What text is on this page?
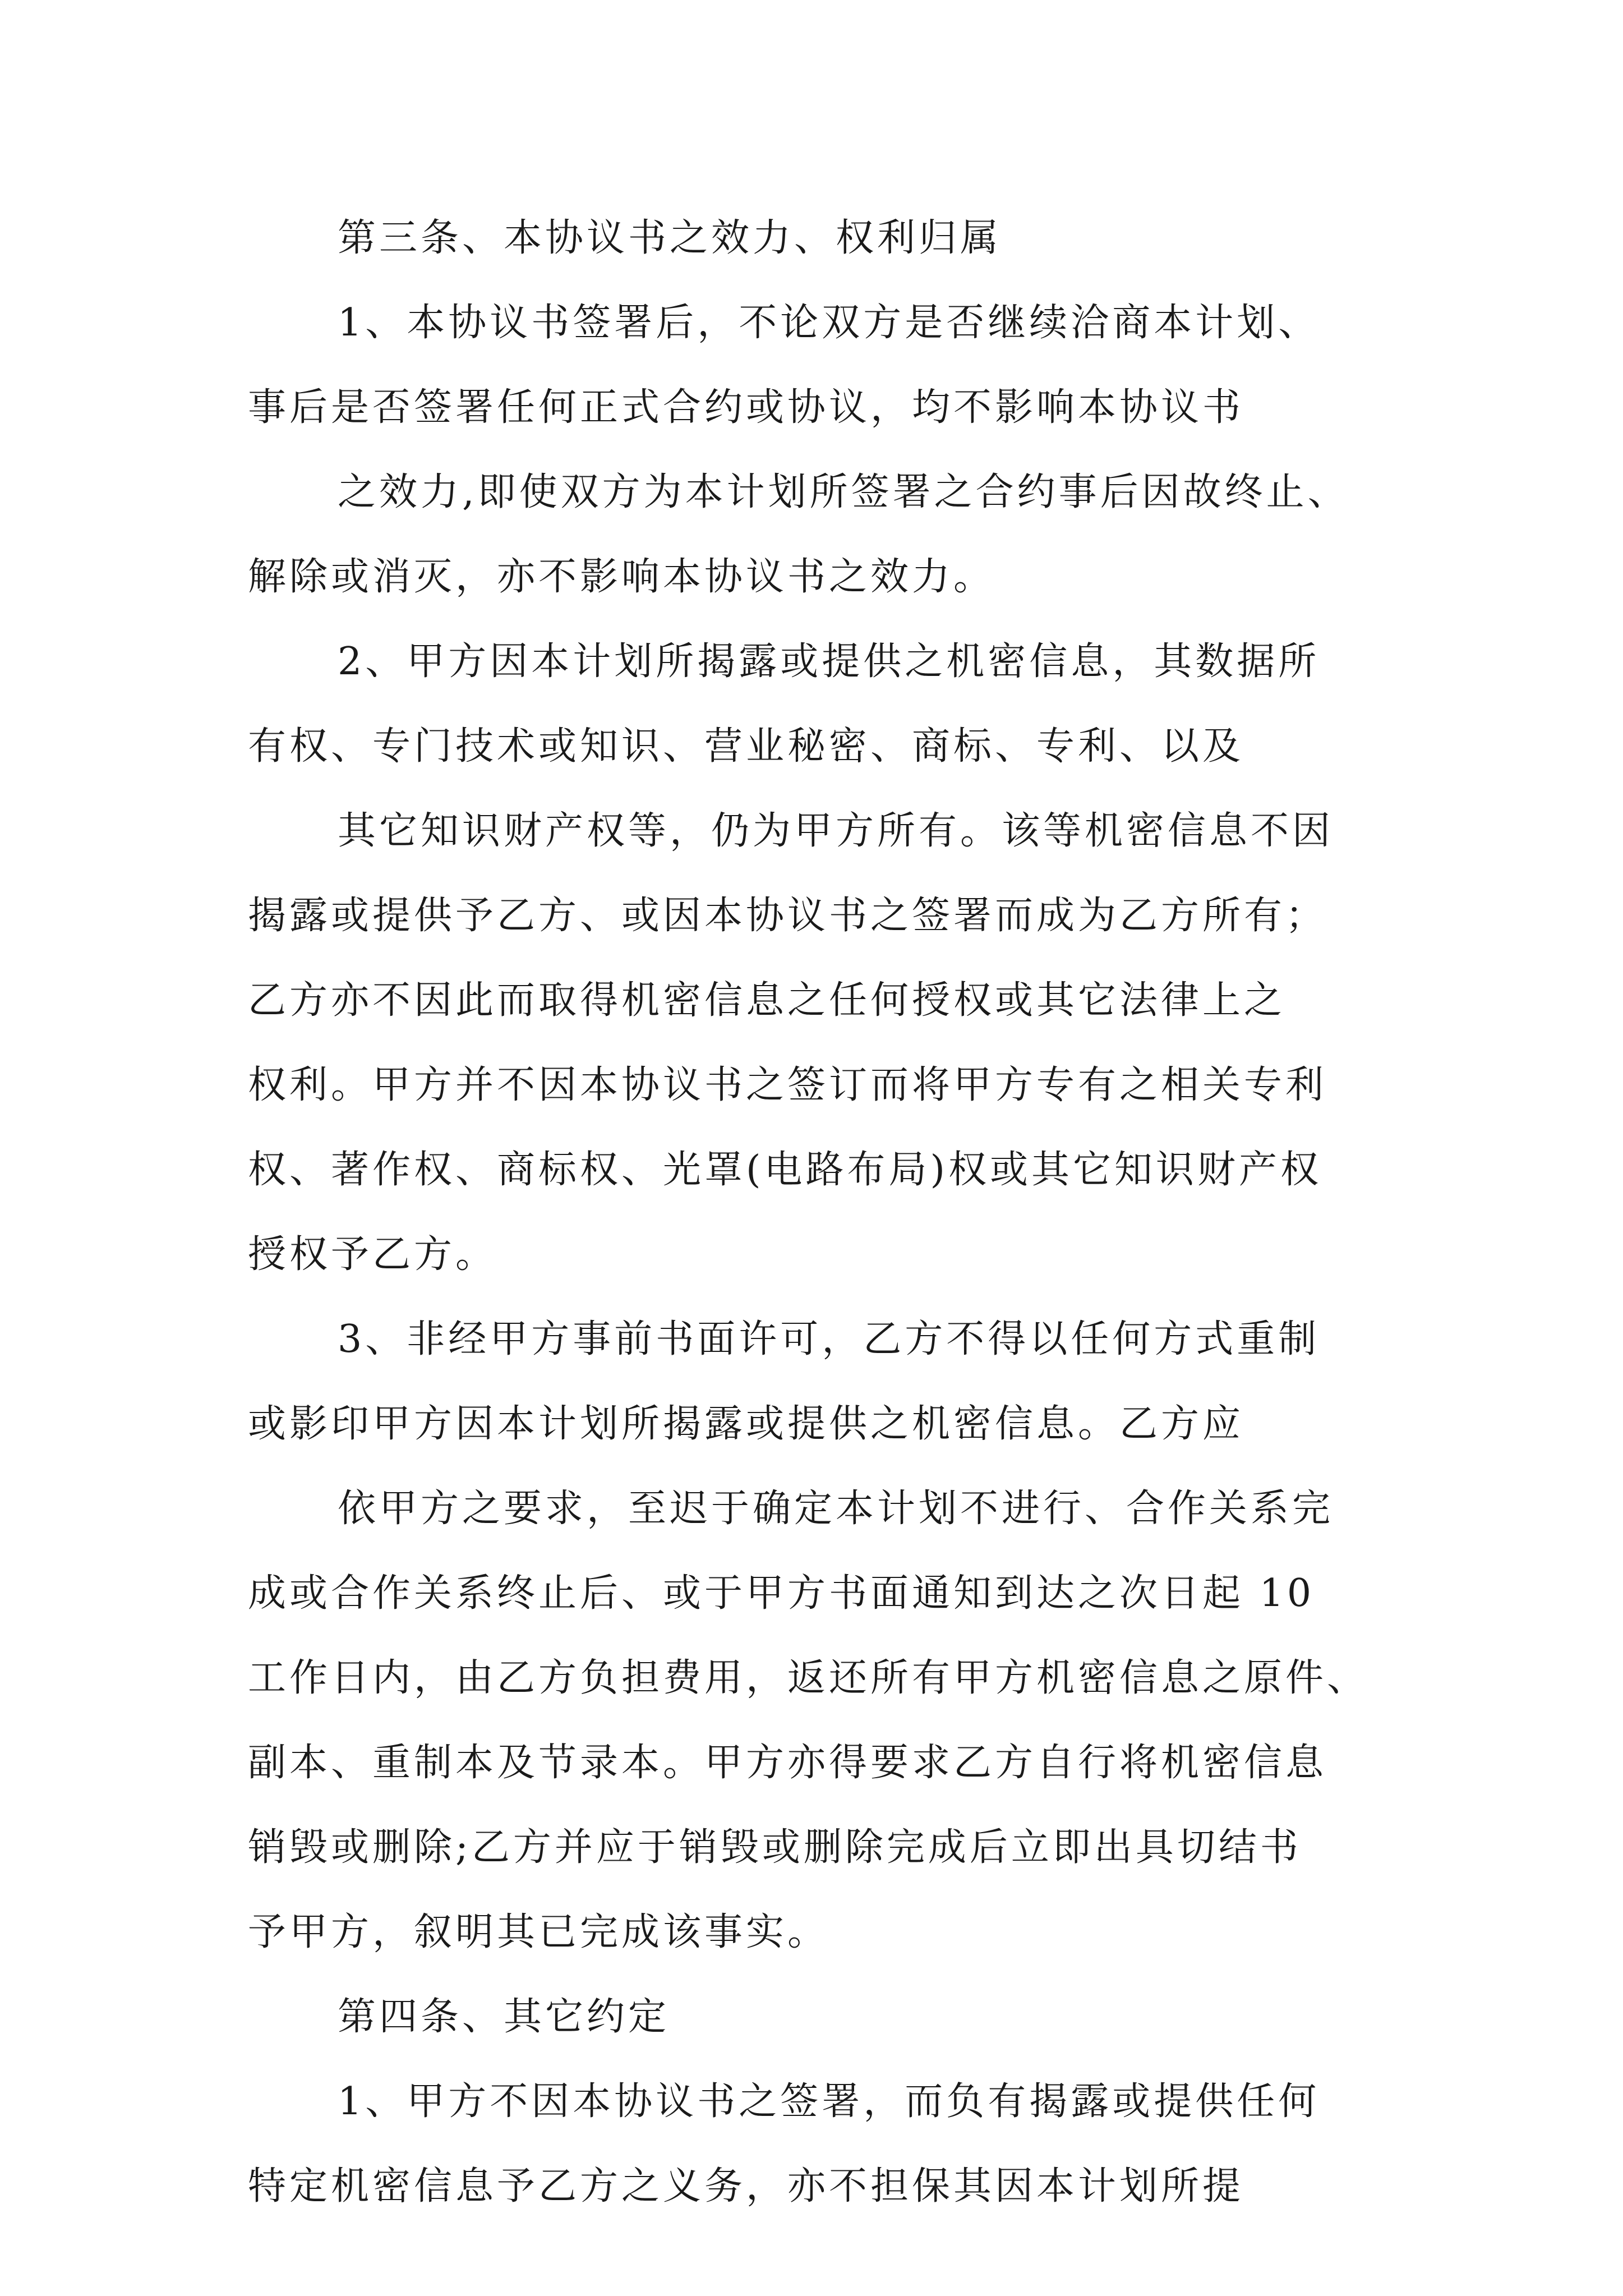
第三条、本协议书之效力、权利归属
1、本协议书签署后，不论双方是否继续洽商本计划、
事后是否签署任何正式合约或协议，均不影响本协议书
之效力,即使双方为本计划所签署之合约事后因故终止、
解除或消灭，亦不影响本协议书之效力。
2、甲方因本计划所揭露或提供之机密信息，其数据所
有权、专门技术或知识、营业秘密、商标、专利、以及
其它知识财产权等，仍为甲方所有。该等机密信息不因
揭露或提供予乙方、或因本协议书之签署而成为乙方所有；
乙方亦不因此而取得机密信息之任何授权或其它法律上之
权利。甲方并不因本协议书之签订而将甲方专有之相关专利
权、著作权、商标权、光罩(电路布局)权或其它知识财产权
授权予乙方。
3、非经甲方事前书面许可，乙方不得以任何方式重制
或影印甲方因本计划所揭露或提供之机密信息。乙方应
依甲方之要求，至迟于确定本计划不进行、合作关系完
成或合作关系终止后、或于甲方书面通知到达之次日起 10
工作日内，由乙方负担费用，返还所有甲方机密信息之原件、
副本、重制本及节录本。甲方亦得要求乙方自行将机密信息
销毁或删除;乙方并应于销毁或删除完成后立即出具切结书
予甲方，叙明其已完成该事实。
第四条、其它约定
1、甲方不因本协议书之签署，而负有揭露或提供任何
特定机密信息予乙方之义务，亦不担保其因本计划所提
